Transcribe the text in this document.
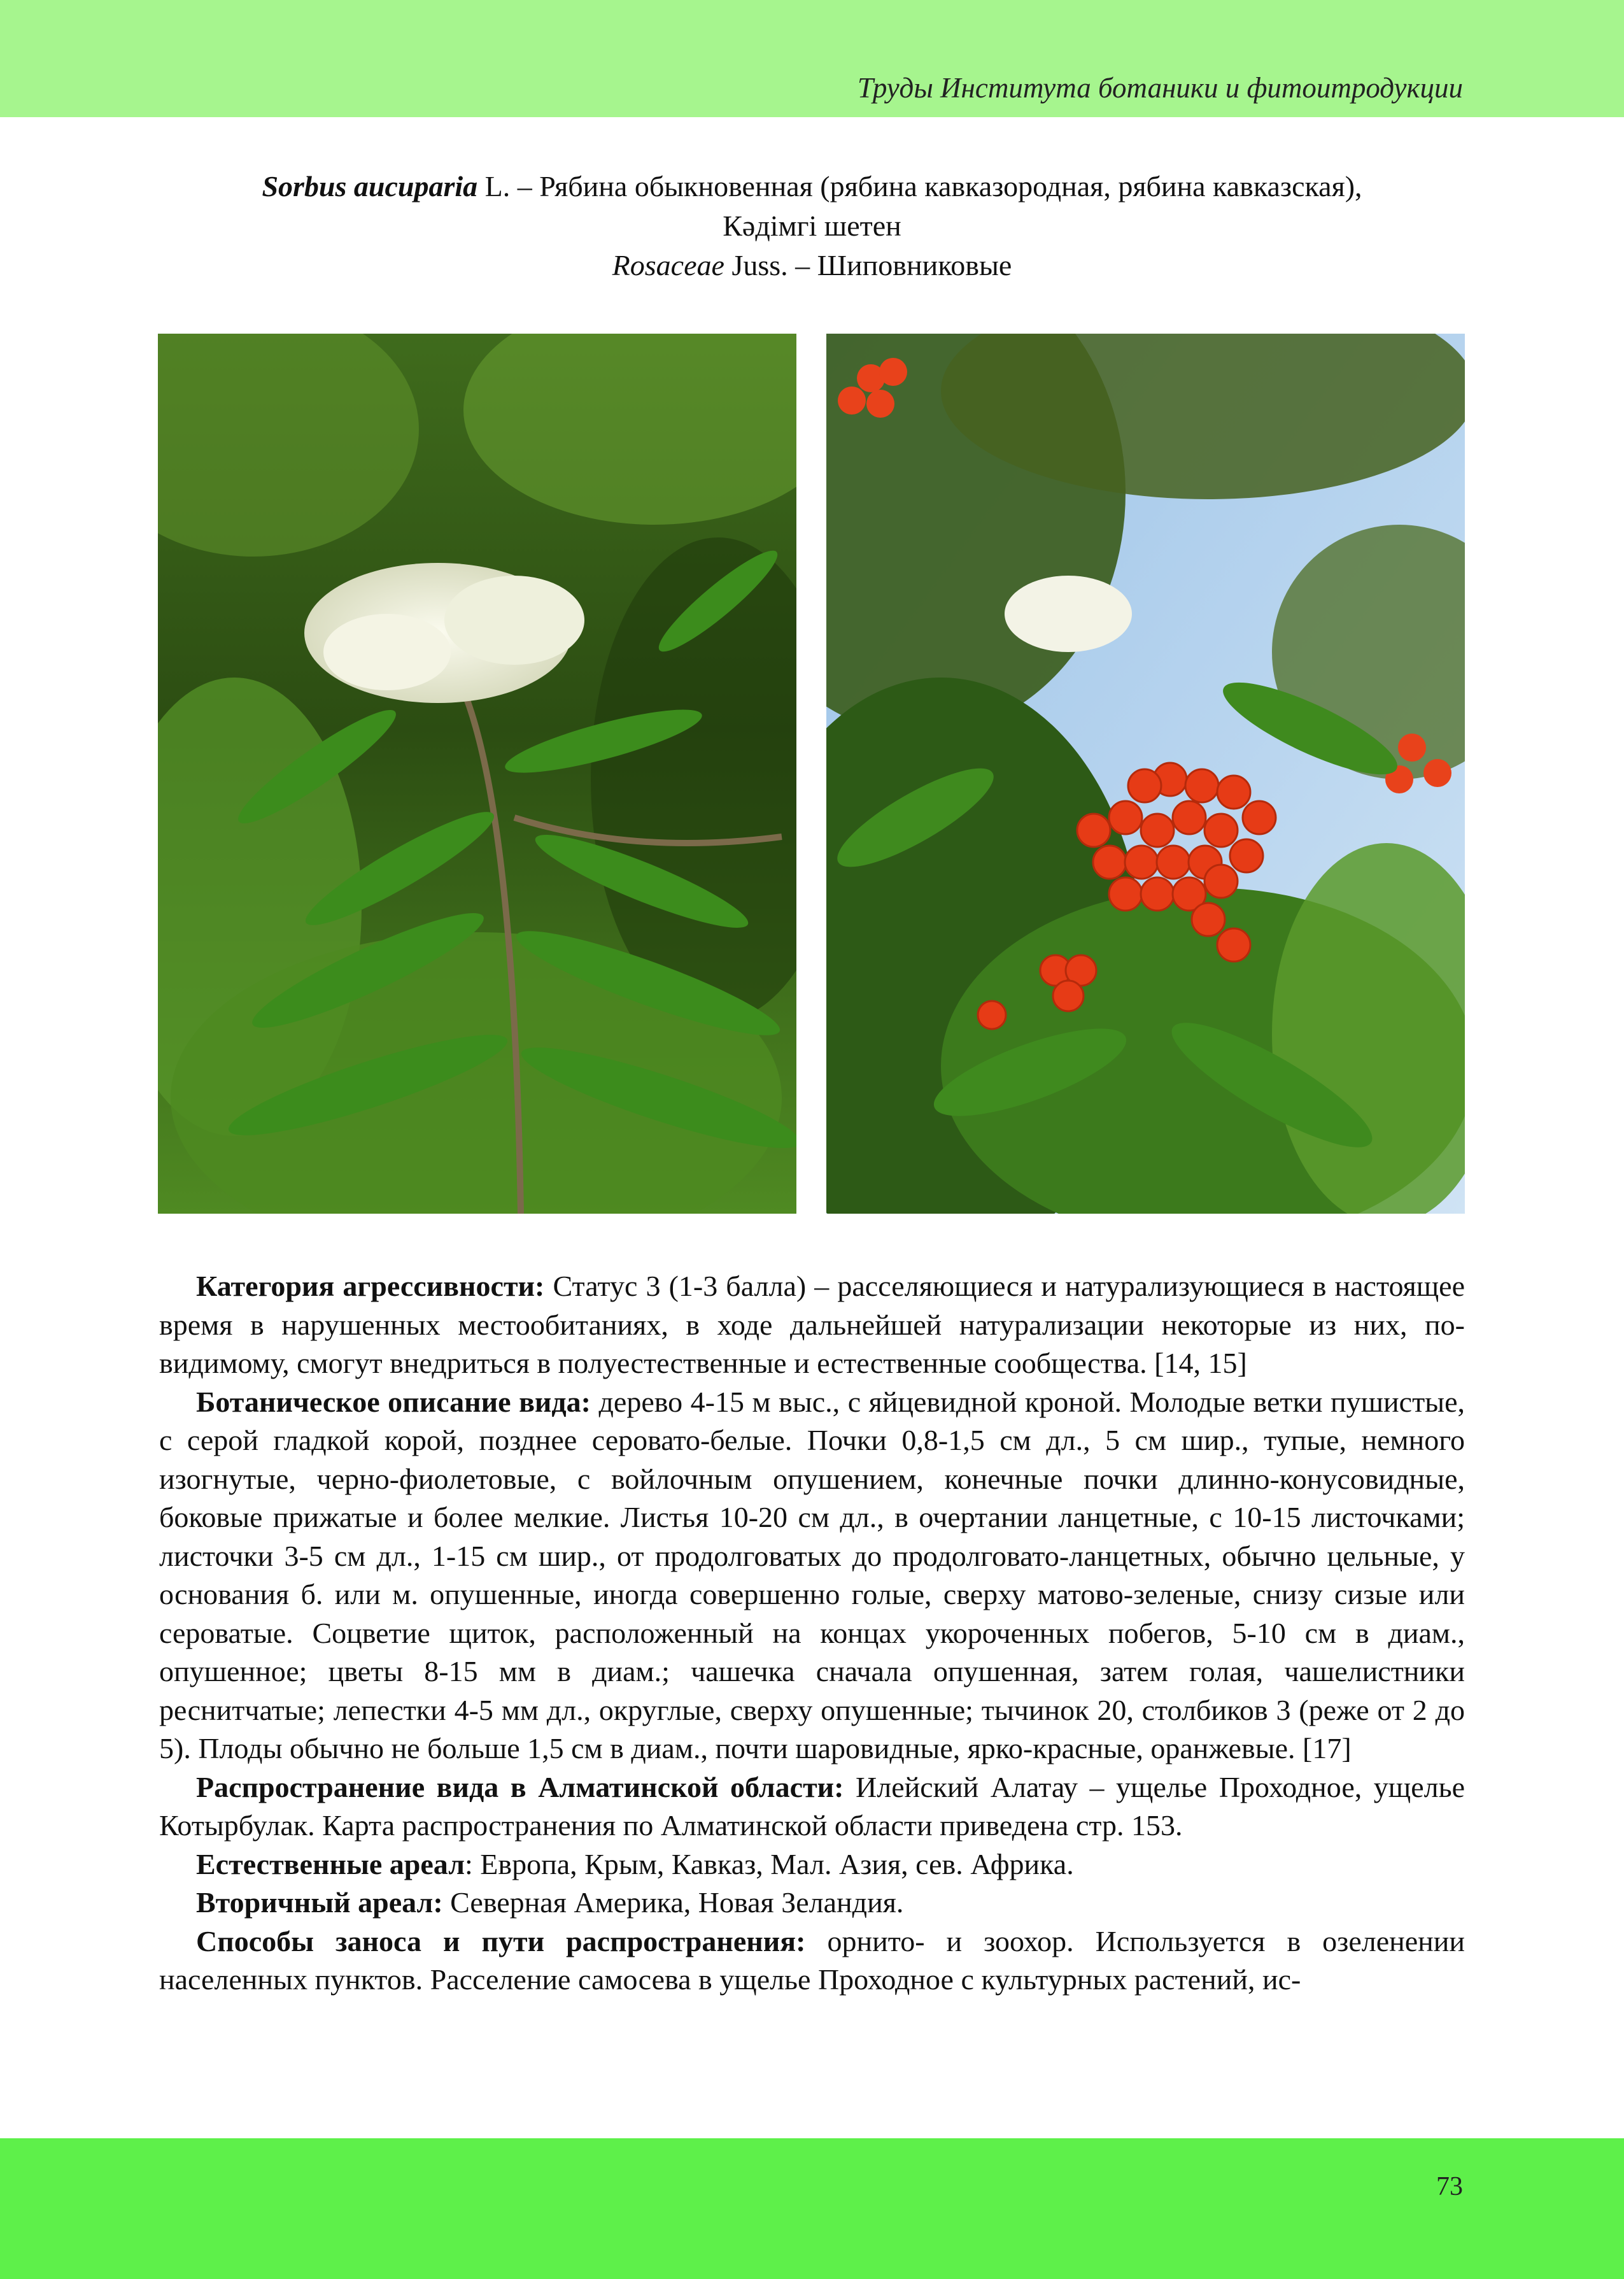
Труды Института ботаники и фитоитродукции
Sorbus aucuparia L. – Рябина обыкновенная (рябина кавказородная, рябина кавказская),
Кәдімгі шетен
Rosaceae Juss. – Шиповниковые

Категория агрессивности: Статус 3 (1-3 балла) – расселяющиеся и натурализующиеся в настоящее время в нарушенных местообитаниях, в ходе дальнейшей натурализации некоторые из них, по-видимому, смогут внедриться в полуестественные и естественные сообщества. [14, 15]

Ботаническое описание вида: дерево 4-15 м выс., с яйцевидной кроной. Молодые ветки пушистые, с серой гладкой корой, позднее серовато-белые. Почки 0,8-1,5 см дл., 5 см шир., тупые, немного изогнутые, черно-фиолетовые, с войлочным опушением, конечные почки длинно-конусовидные, боковые прижатые и более мелкие. Листья 10-20 см дл., в очертании ланцетные, с 10-15 листочками; листочки 3-5 см дл., 1-15 см шир., от продолговатых до продолговато-ланцетных, обычно цельные, у основания б. или м. опушенные, иногда совершенно голые, сверху матово-зеленые, снизу сизые или сероватые. Соцветие щиток, расположенный на концах укороченных побегов, 5-10 см в диам., опушенное; цветы 8-15 мм в диам.; чашечка сначала опушенная, затем голая, чашелистники реснитчатые; лепестки 4-5 мм дл., округлые, сверху опушенные; тычинок 20, столбиков 3 (реже от 2 до 5). Плоды обычно не больше 1,5 см в диам., почти шаровидные, ярко-красные, оранжевые. [17]

Распространение вида в Алматинской области: Илейский Алатау – ущелье Проходное, ущелье Котырбулак. Карта распространения по Алматинской области приведена стр. 153.

Естественные ареал: Европа, Крым, Кавказ, Мал. Азия, сев. Африка.

Вторичный ареал: Северная Америка, Новая Зеландия.

Способы заноса и пути распространения: орнито- и зоохор. Используется в озеленении населенных пунктов. Расселение самосева в ущелье Проходное с культурных растений, ис-

73
